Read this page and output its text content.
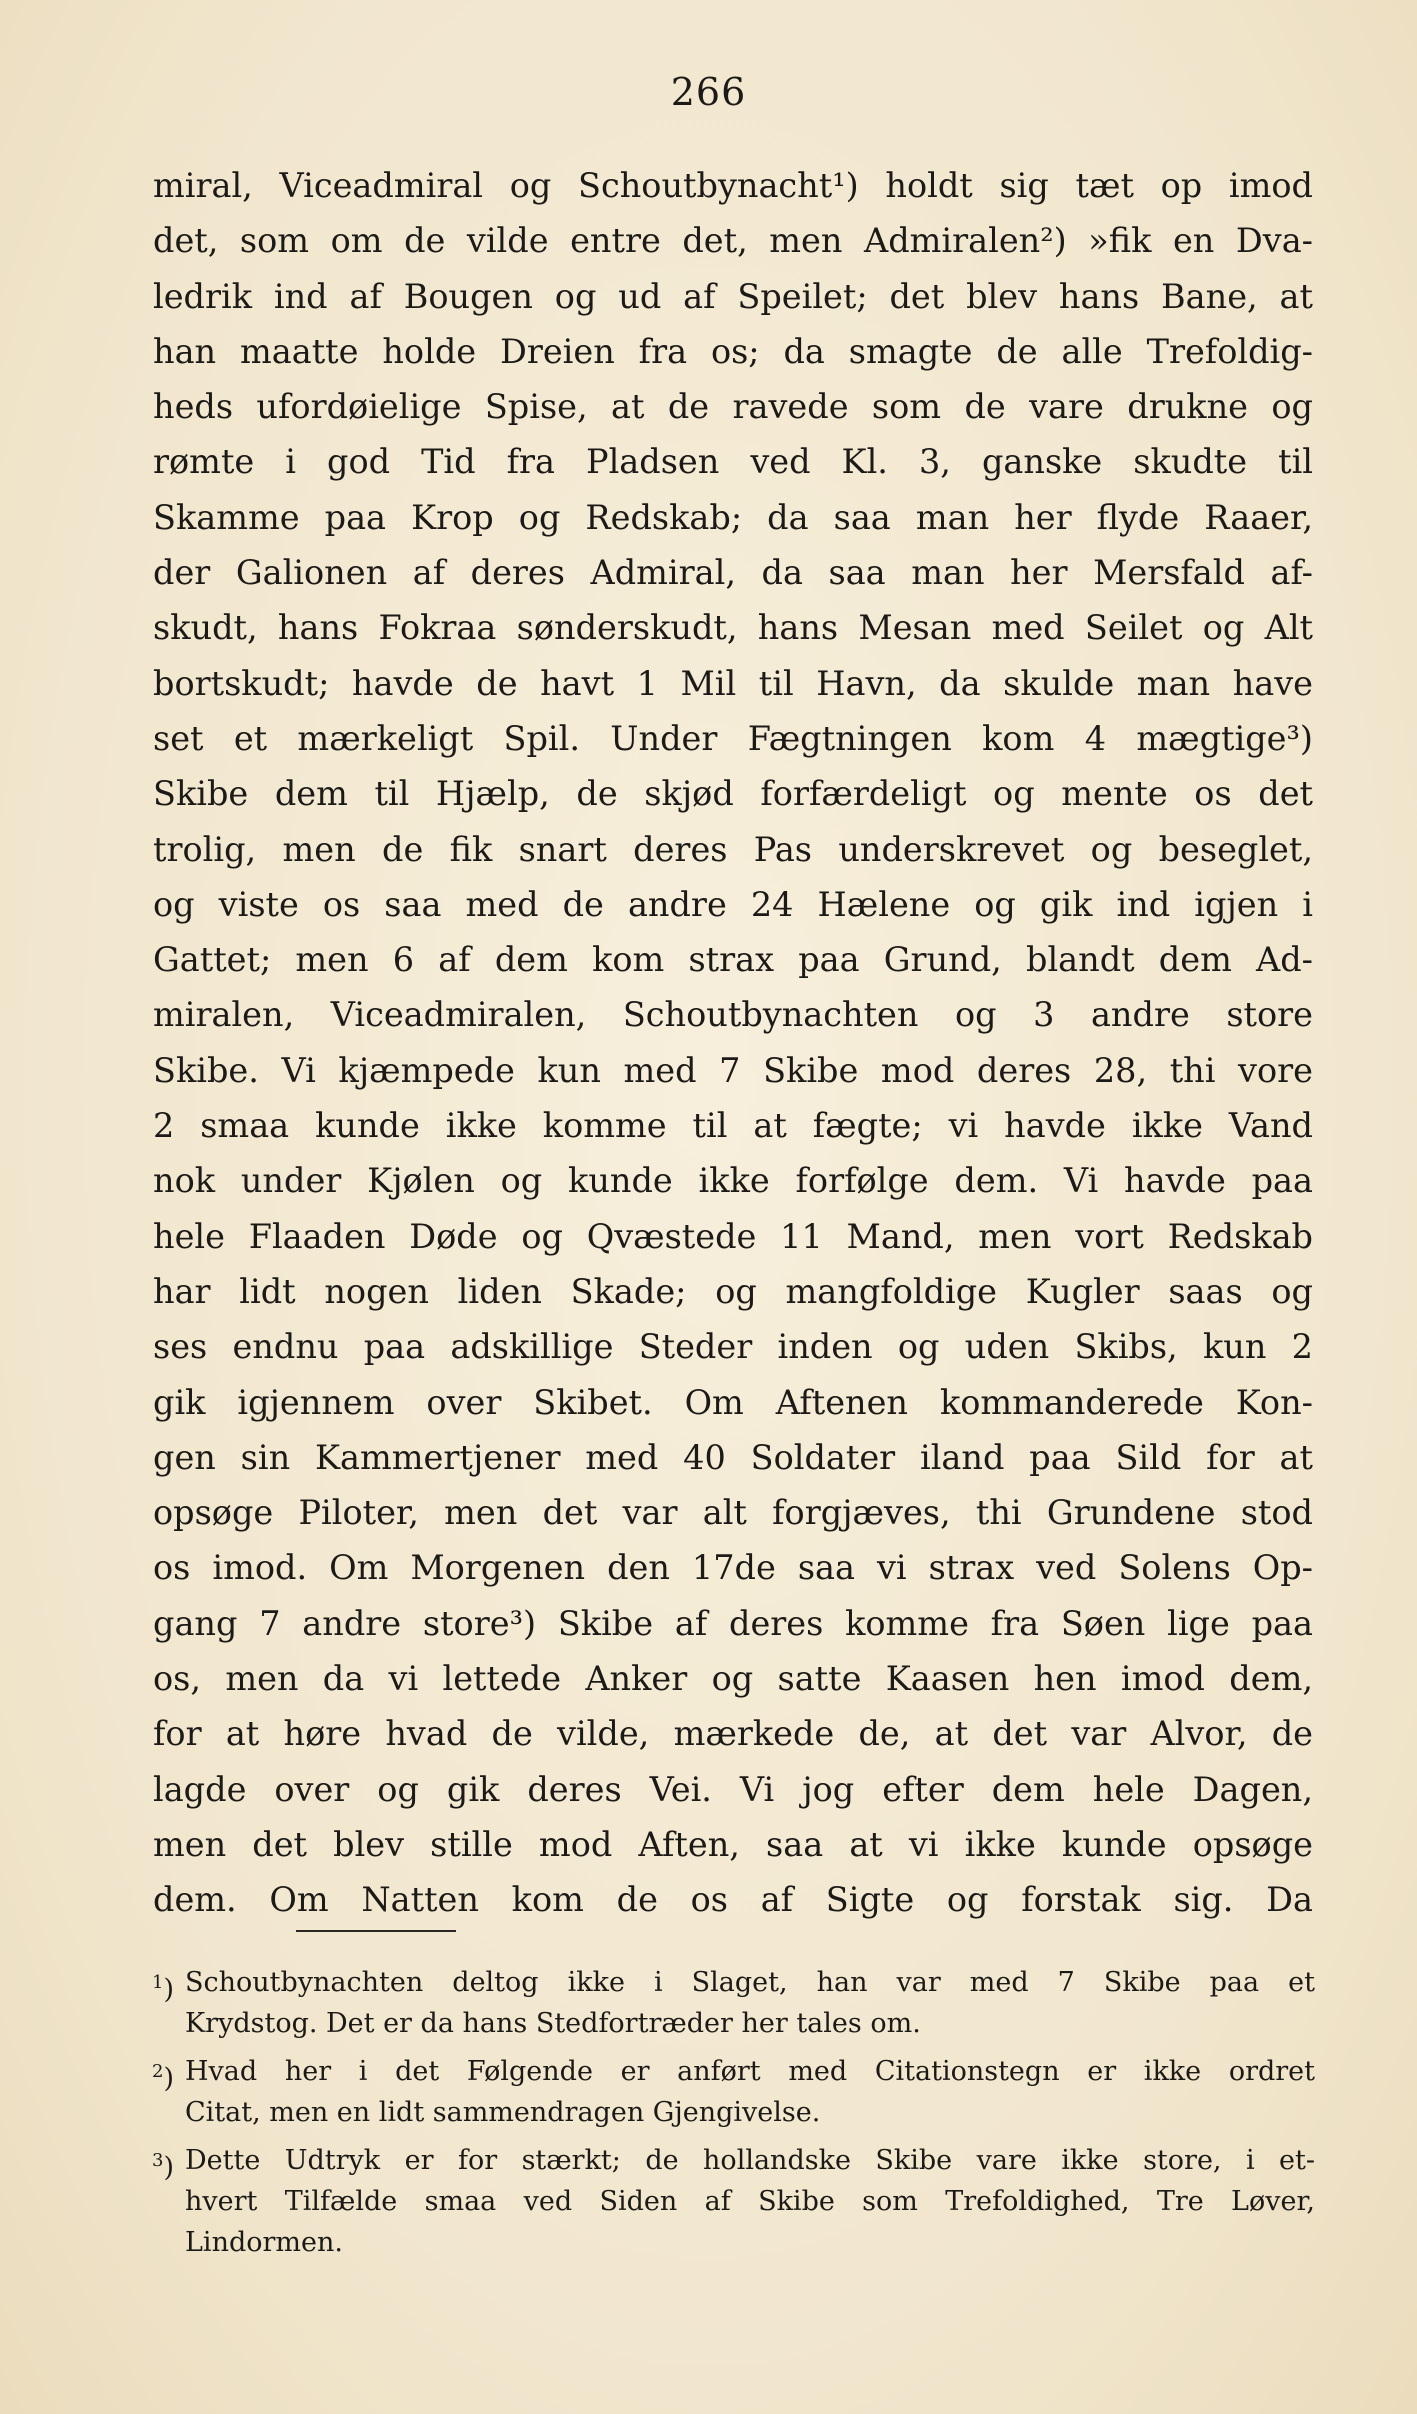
266
miral, Viceadmiral og Schoutbynacht¹) holdt sig tæt op imod
det, som om de vilde entre det, men Admiralen²) »fik en Dva-
ledrik ind af Bougen og ud af Speilet; det blev hans Bane, at
han maatte holde Dreien fra os; da smagte de alle Trefoldig-
heds ufordøielige Spise, at de ravede som de vare drukne og
rømte i god Tid fra Pladsen ved Kl. 3, ganske skudte til
Skamme paa Krop og Redskab; da saa man her flyde Raaer,
der Galionen af deres Admiral, da saa man her Mersfald af-
skudt, hans Fokraa sønderskudt, hans Mesan med Seilet og Alt
bortskudt; havde de havt 1 Mil til Havn, da skulde man have
set et mærkeligt Spil. Under Fægtningen kom 4 mægtige³)
Skibe dem til Hjælp, de skjød forfærdeligt og mente os det
trolig, men de fik snart deres Pas underskrevet og beseglet,
og viste os saa med de andre 24 Hælene og gik ind igjen i
Gattet; men 6 af dem kom strax paa Grund, blandt dem Ad-
miralen, Viceadmiralen, Schoutbynachten og 3 andre store
Skibe. Vi kjæmpede kun med 7 Skibe mod deres 28, thi vore
2 smaa kunde ikke komme til at fægte; vi havde ikke Vand
nok under Kjølen og kunde ikke forfølge dem. Vi havde paa
hele Flaaden Døde og Qvæstede 11 Mand, men vort Redskab
har lidt nogen liden Skade; og mangfoldige Kugler saas og
ses endnu paa adskillige Steder inden og uden Skibs, kun 2
gik igjennem over Skibet. Om Aftenen kommanderede Kon-
gen sin Kammertjener med 40 Soldater iland paa Sild for at
opsøge Piloter, men det var alt forgjæves, thi Grundene stod
os imod. Om Morgenen den 17de saa vi strax ved Solens Op-
gang 7 andre store³) Skibe af deres komme fra Søen lige paa
os, men da vi lettede Anker og satte Kaasen hen imod dem,
for at høre hvad de vilde, mærkede de, at det var Alvor, de
lagde over og gik deres Vei. Vi jog efter dem hele Dagen,
men det blev stille mod Aften, saa at vi ikke kunde opsøge
dem. Om Natten kom de os af Sigte og forstak sig. Da
$^1$) Schoutbynachten deltog ikke i Slaget, han var med 7 Skibe paa et
Krydstog. Det er da hans Stedfortræder her tales om.
$^2$) Hvad her i det Følgende er anført med Citationstegn er ikke ordret
Citat, men en lidt sammendragen Gjengivelse.
$^3$) Dette Udtryk er for stærkt; de hollandske Skibe vare ikke store, i et-
hvert Tilfælde smaa ved Siden af Skibe som Trefoldighed, Tre Løver,
Lindormen.
